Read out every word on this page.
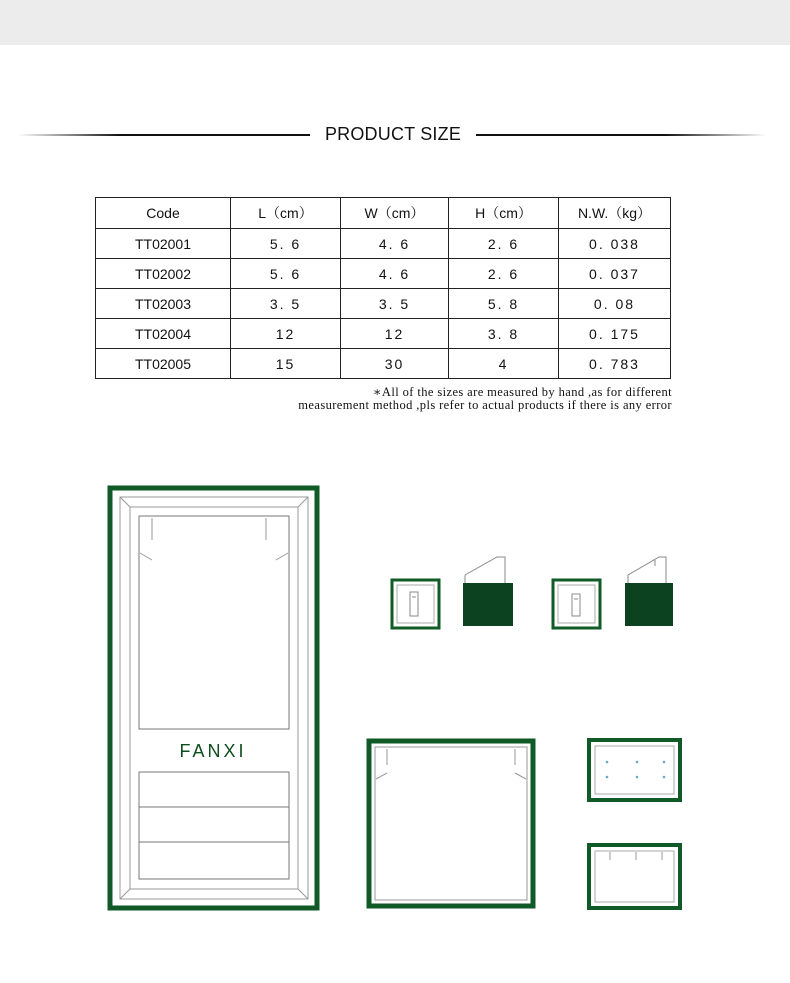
PRODUCT SIZE
Code	L（cm）	W（cm）	H（cm）	N.W.（kg）
TT02001	5. 6	4. 6	2. 6	0. 038
TT02002	5. 6	4. 6	2. 6	0. 037
TT02003	3. 5	3. 5	5. 8	0. 08
TT02004	12	12	3. 8	0. 175
TT02005	15	30	4	0. 783
∗All of the sizes are measured by hand ,as for different
measurement method ,pls refer to actual products if there is any error
FANXI
